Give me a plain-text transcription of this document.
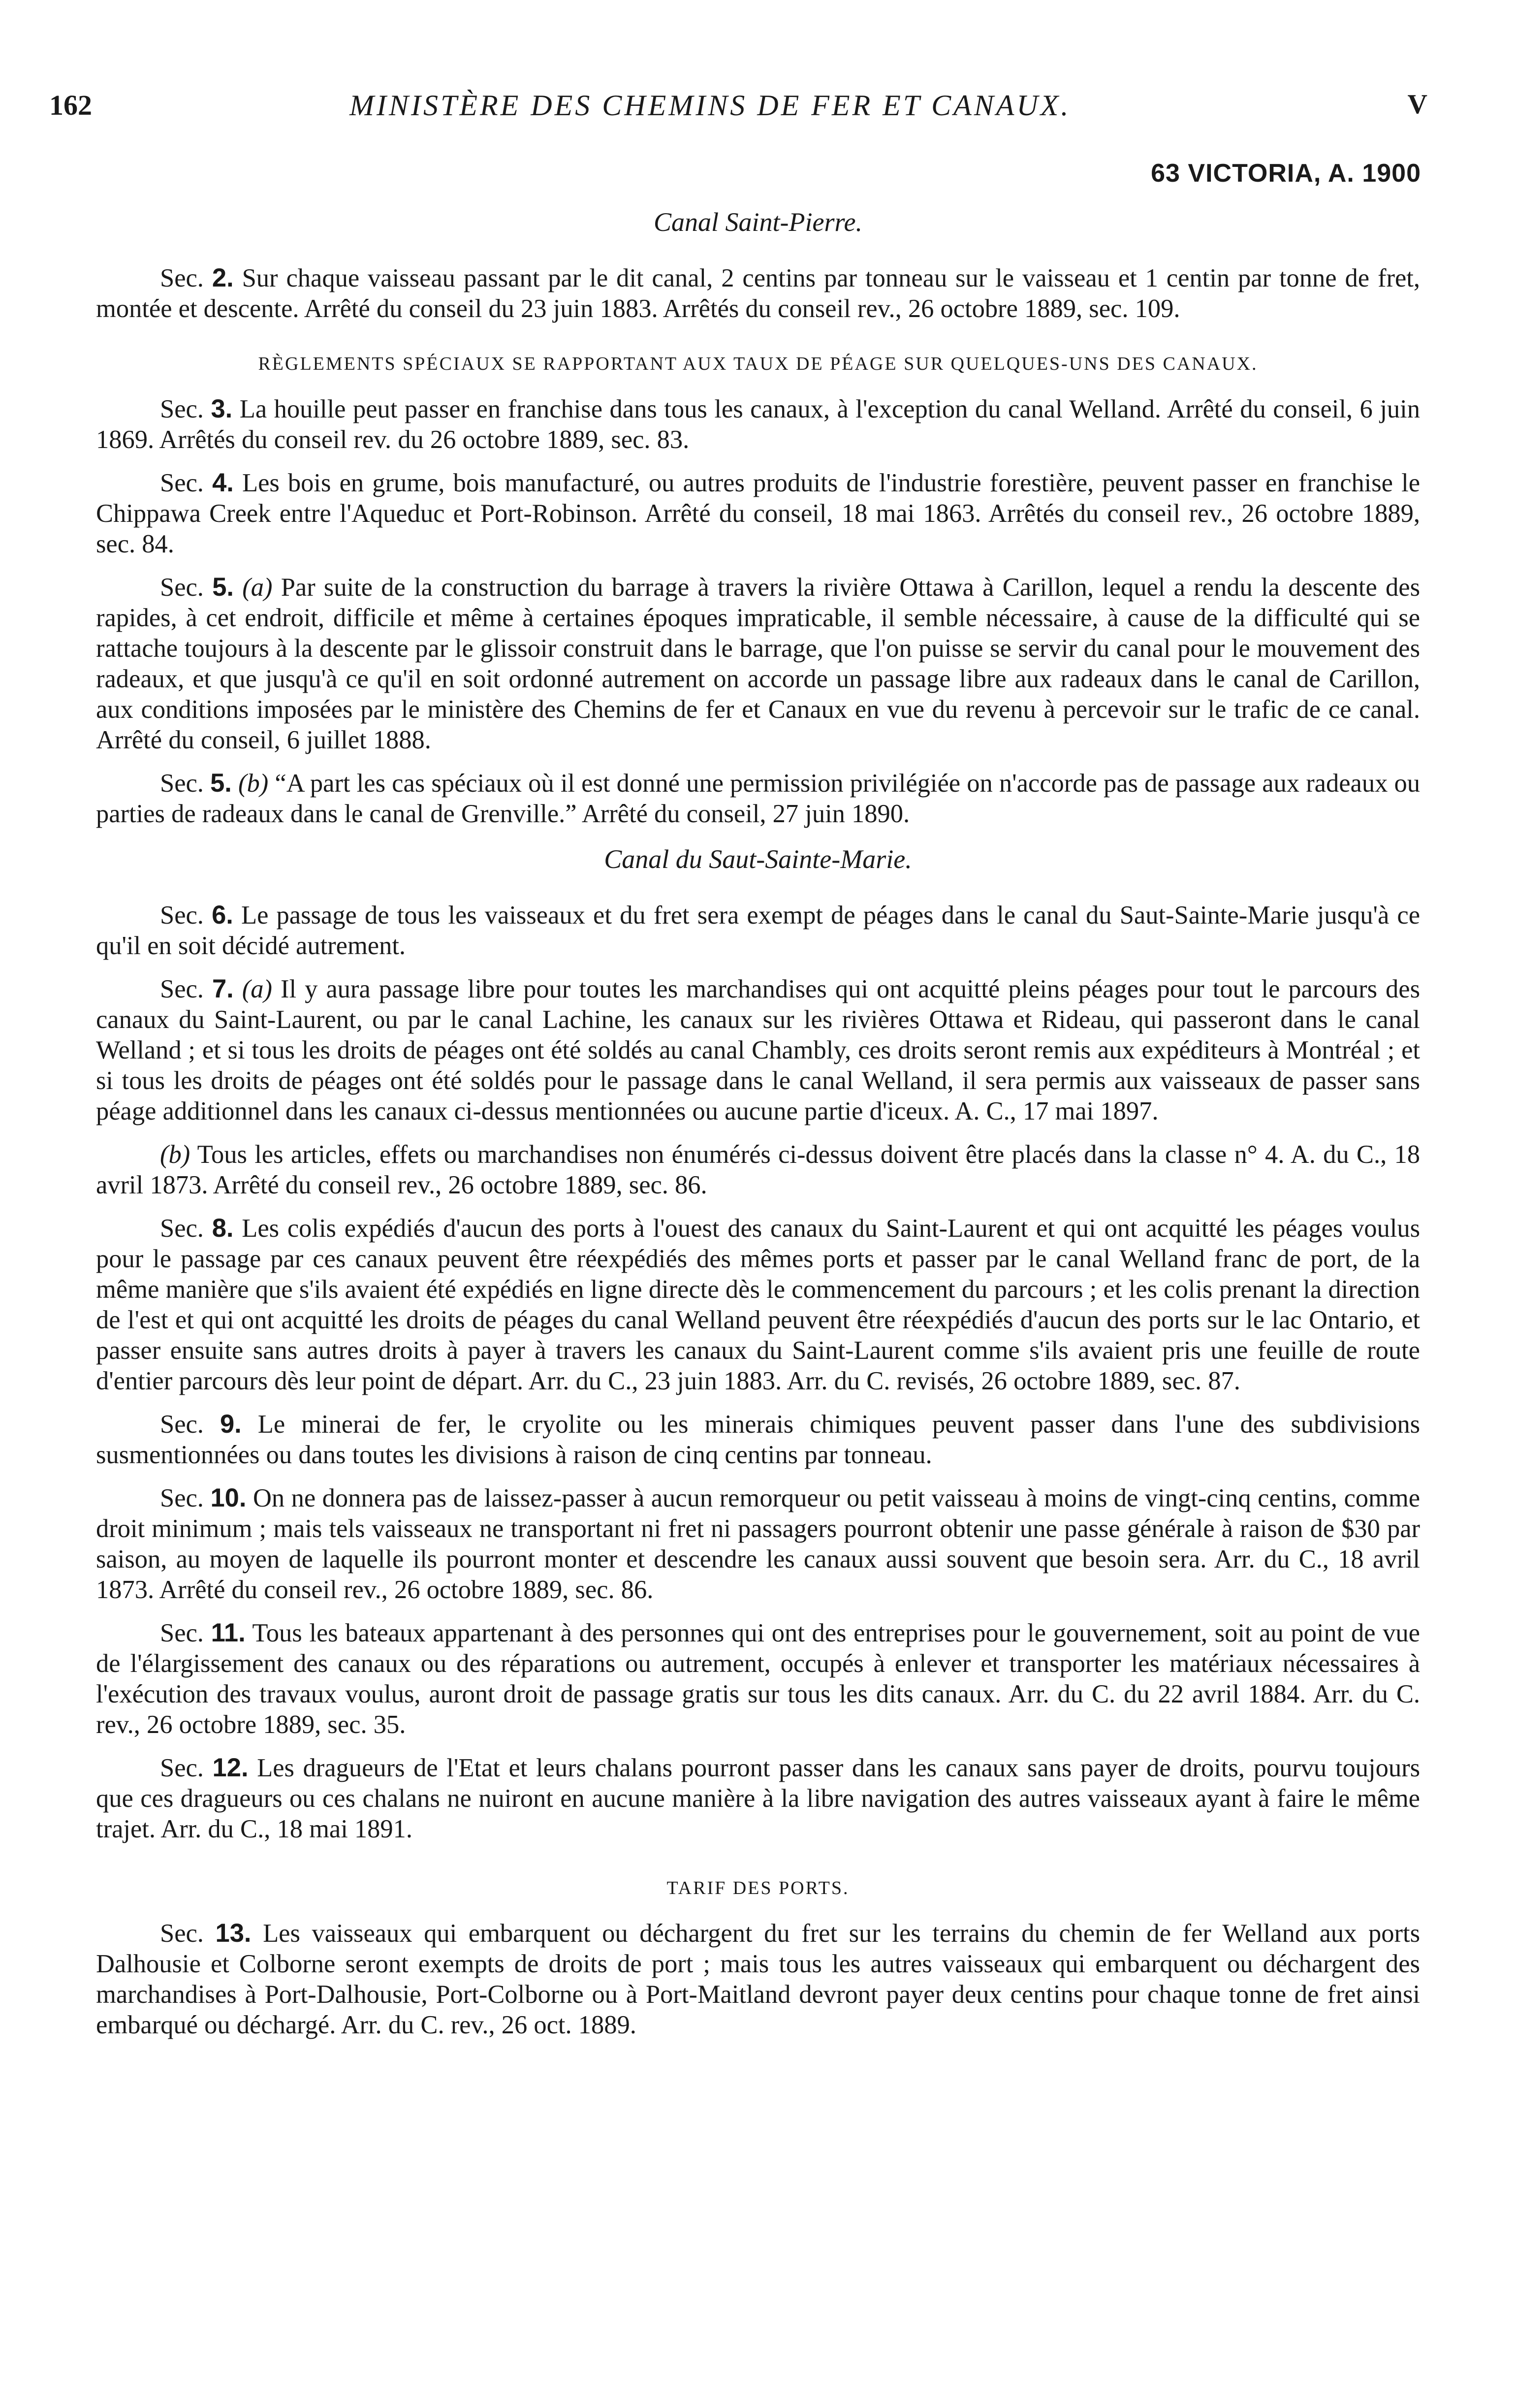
162	MINISTÈRE DES CHEMINS DE FER ET CANAUX.	V
63 VICTORIA, A. 1900
Canal Saint-Pierre.

Sec. 2. Sur chaque vaisseau passant par le dit canal, 2 centins par tonneau sur le vaisseau et 1 centin par tonne de fret, montée et descente. Arrêté du conseil du 23 juin 1883. Arrêtés du conseil rev., 26 octobre 1889, sec. 109.

RÈGLEMENTS SPÉCIAUX SE RAPPORTANT AUX TAUX DE PÉAGE SUR QUELQUES-UNS DES CANAUX.

Sec. 3. La houille peut passer en franchise dans tous les canaux, à l'exception du canal Welland. Arrêté du conseil, 6 juin 1869. Arrêtés du conseil rev. du 26 octobre 1889, sec. 83.

Sec. 4. Les bois en grume, bois manufacturé, ou autres produits de l'industrie forestière, peuvent passer en franchise le Chippawa Creek entre l'Aqueduc et Port-Robinson. Arrêté du conseil, 18 mai 1863. Arrêtés du conseil rev., 26 octobre 1889, sec. 84.

Sec. 5. (a) Par suite de la construction du barrage à travers la rivière Ottawa à Carillon, lequel a rendu la descente des rapides, à cet endroit, difficile et même à certaines époques impraticable, il semble nécessaire, à cause de la difficulté qui se rattache toujours à la descente par le glissoir construit dans le barrage, que l'on puisse se servir du canal pour le mouvement des radeaux, et que jusqu'à ce qu'il en soit ordonné autrement on accorde un passage libre aux radeaux dans le canal de Carillon, aux conditions imposées par le ministère des Chemins de fer et Canaux en vue du revenu à percevoir sur le trafic de ce canal. Arrêté du conseil, 6 juillet 1888.

Sec. 5. (b) “A part les cas spéciaux où il est donné une permission privilégiée on n'accorde pas de passage aux radeaux ou parties de radeaux dans le canal de Grenville.” Arrêté du conseil, 27 juin 1890.

Canal du Saut-Sainte-Marie.

Sec. 6. Le passage de tous les vaisseaux et du fret sera exempt de péages dans le canal du Saut-Sainte-Marie jusqu'à ce qu'il en soit décidé autrement.

Sec. 7. (a) Il y aura passage libre pour toutes les marchandises qui ont acquitté pleins péages pour tout le parcours des canaux du Saint-Laurent, ou par le canal Lachine, les canaux sur les rivières Ottawa et Rideau, qui passeront dans le canal Welland ; et si tous les droits de péages ont été soldés au canal Chambly, ces droits seront remis aux expéditeurs à Montréal ; et si tous les droits de péages ont été soldés pour le passage dans le canal Welland, il sera permis aux vaisseaux de passer sans péage additionnel dans les canaux ci-dessus mentionnées ou aucune partie d'iceux. A. C., 17 mai 1897.

(b) Tous les articles, effets ou marchandises non énumérés ci-dessus doivent être placés dans la classe n° 4. A. du C., 18 avril 1873. Arrêté du conseil rev., 26 octobre 1889, sec. 86.

Sec. 8. Les colis expédiés d'aucun des ports à l'ouest des canaux du Saint-Laurent et qui ont acquitté les péages voulus pour le passage par ces canaux peuvent être réexpédiés des mêmes ports et passer par le canal Welland franc de port, de la même manière que s'ils avaient été expédiés en ligne directe dès le commencement du parcours ; et les colis prenant la direction de l'est et qui ont acquitté les droits de péages du canal Welland peuvent être réexpédiés d'aucun des ports sur le lac Ontario, et passer ensuite sans autres droits à payer à travers les canaux du Saint-Laurent comme s'ils avaient pris une feuille de route d'entier parcours dès leur point de départ. Arr. du C., 23 juin 1883. Arr. du C. revisés, 26 octobre 1889, sec. 87.

Sec. 9. Le minerai de fer, le cryolite ou les minerais chimiques peuvent passer dans l'une des subdivisions susmentionnées ou dans toutes les divisions à raison de cinq centins par tonneau.

Sec. 10. On ne donnera pas de laissez-passer à aucun remorqueur ou petit vaisseau à moins de vingt-cinq centins, comme droit minimum ; mais tels vaisseaux ne transportant ni fret ni passagers pourront obtenir une passe générale à raison de $30 par saison, au moyen de laquelle ils pourront monter et descendre les canaux aussi souvent que besoin sera. Arr. du C., 18 avril 1873. Arrêté du conseil rev., 26 octobre 1889, sec. 86.

Sec. 11. Tous les bateaux appartenant à des personnes qui ont des entreprises pour le gouvernement, soit au point de vue de l'élargissement des canaux ou des réparations ou autrement, occupés à enlever et transporter les matériaux nécessaires à l'exécution des travaux voulus, auront droit de passage gratis sur tous les dits canaux. Arr. du C. du 22 avril 1884. Arr. du C. rev., 26 octobre 1889, sec. 35.

Sec. 12. Les dragueurs de l'Etat et leurs chalans pourront passer dans les canaux sans payer de droits, pourvu toujours que ces dragueurs ou ces chalans ne nuiront en aucune manière à la libre navigation des autres vaisseaux ayant à faire le même trajet. Arr. du C., 18 mai 1891.

TARIF DES PORTS.

Sec. 13. Les vaisseaux qui embarquent ou déchargent du fret sur les terrains du chemin de fer Welland aux ports Dalhousie et Colborne seront exempts de droits de port ; mais tous les autres vaisseaux qui embarquent ou déchargent des marchandises à Port-Dalhousie, Port-Colborne ou à Port-Maitland devront payer deux centins pour chaque tonne de fret ainsi embarqué ou déchargé. Arr. du C. rev., 26 oct. 1889.
